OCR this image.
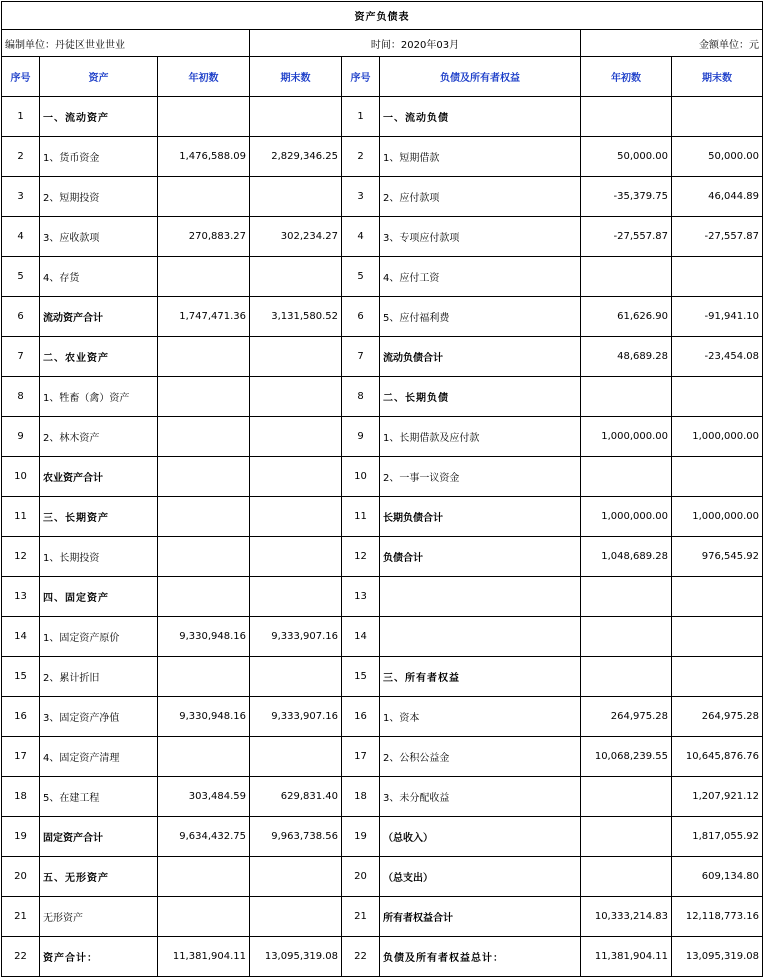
资产负债表							
编制单位：丹徒区世业世业			时间：2020年03月			金额单位：元	
序号	资产	年初数	期末数	序号	负债及所有者权益	年初数	期末数
1	一、流动资产			1	一、流动负债		
2	1、货币资金	1,476,588.09	2,829,346.25	2	1、短期借款	50,000.00	50,000.00
3	2、短期投资			3	2、应付款项	-35,379.75	46,044.89
4	3、应收款项	270,883.27	302,234.27	4	3、专项应付款项	-27,557.87	-27,557.87
5	4、存货			5	4、应付工资		
6	流动资产合计	1,747,471.36	3,131,580.52	6	5、应付福利费	61,626.90	-91,941.10
7	二、农业资产			7	流动负债合计	48,689.28	-23,454.08
8	1、牲畜（禽）资产			8	二、长期负债		
9	2、林木资产			9	1、长期借款及应付款	1,000,000.00	1,000,000.00
10	农业资产合计			10	2、一事一议资金		
11	三、长期资产			11	长期负债合计	1,000,000.00	1,000,000.00
12	1、长期投资			12	负债合计	1,048,689.28	976,545.92
13	四、固定资产			13			
14	1、固定资产原价	9,330,948.16	9,333,907.16	14			
15	2、累计折旧			15	三、所有者权益		
16	3、固定资产净值	9,330,948.16	9,333,907.16	16	1、资本	264,975.28	264,975.28
17	4、固定资产清理			17	2、公积公益金	10,068,239.55	10,645,876.76
18	5、在建工程	303,484.59	629,831.40	18	3、未分配收益		1,207,921.12
19	固定资产合计	9,634,432.75	9,963,738.56	19	（总收入）		1,817,055.92
20	五、无形资产			20	（总支出）		609,134.80
21	无形资产			21	所有者权益合计	10,333,214.83	12,118,773.16
22	资产合计：	11,381,904.11	13,095,319.08	22	负债及所有者权益总计：	11,381,904.11	13,095,319.08
